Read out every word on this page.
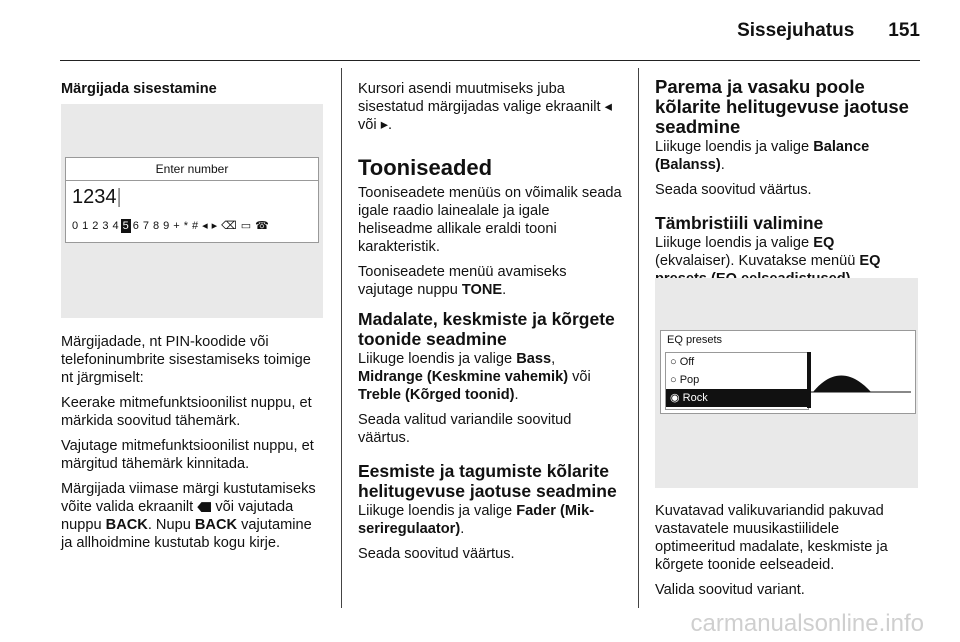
Sissejuhatus 151
Märgijada sisestamine
Enter number
1234|
0 1 2 3 4 5 6 7 8 9 + * # ◂ ▸ ⌫ ▭ ☎

Märgijadade, nt PIN-koodide või telefoninumbrite sisestamiseks toimige nt järgmiselt:

Keerake mitmefunktsioonilist nuppu, et märkida soovitud tähemärk.

Vajutage mitmefunktsioonilist nuppu, et märgitud tähemärk kinnitada.

Märgijada viimase märgi kustutamiseks võite valida ekraanilt või vajutada nuppu BACK. Nupu BACK vajutamine ja allhoidmine kustutab kogu kirje.

Kursori asendi muutmiseks juba sisestatud märgijadas valige ekraanilt ◂ või ▸.

Tooniseaded

Tooniseadete menüüs on võimalik seada igale raadio lainealale ja igale heliseadme allikale eraldi tooni karakteristik.

Tooniseadete menüü avamiseks vajutage nuppu TONE.

Madalate, keskmiste ja kõrgete toonide seadmine

Liikuge loendis ja valige Bass, Midrange (Keskmine vahemik) või Treble (Kõrged toonid).

Seada valitud variandile soovitud väärtus.

Eesmiste ja tagumiste kõlarite helitugevuse jaotuse seadmine

Liikuge loendis ja valige Fader (Mik-seriregulaator).

Seada soovitud väärtus.

Parema ja vasaku poole kõlarite helitugevuse jaotuse seadmine

Liikuge loendis ja valige Balance (Balanss).

Seada soovitud väärtus.

Tämbristiili valimine

Liikuge loendis ja valige EQ
(ekvalaiser). Kuvatakse menüü EQ

EQ presets
○ Off
○ Pop
◉ Rock

Kuvatavad valikuvariandid pakuvad vastavatele muusikastiilidele optimeeritud madalate, keskmiste ja kõrgete toonide eelseadeid.

Valida soovitud variant.

carmanualsonline.info
